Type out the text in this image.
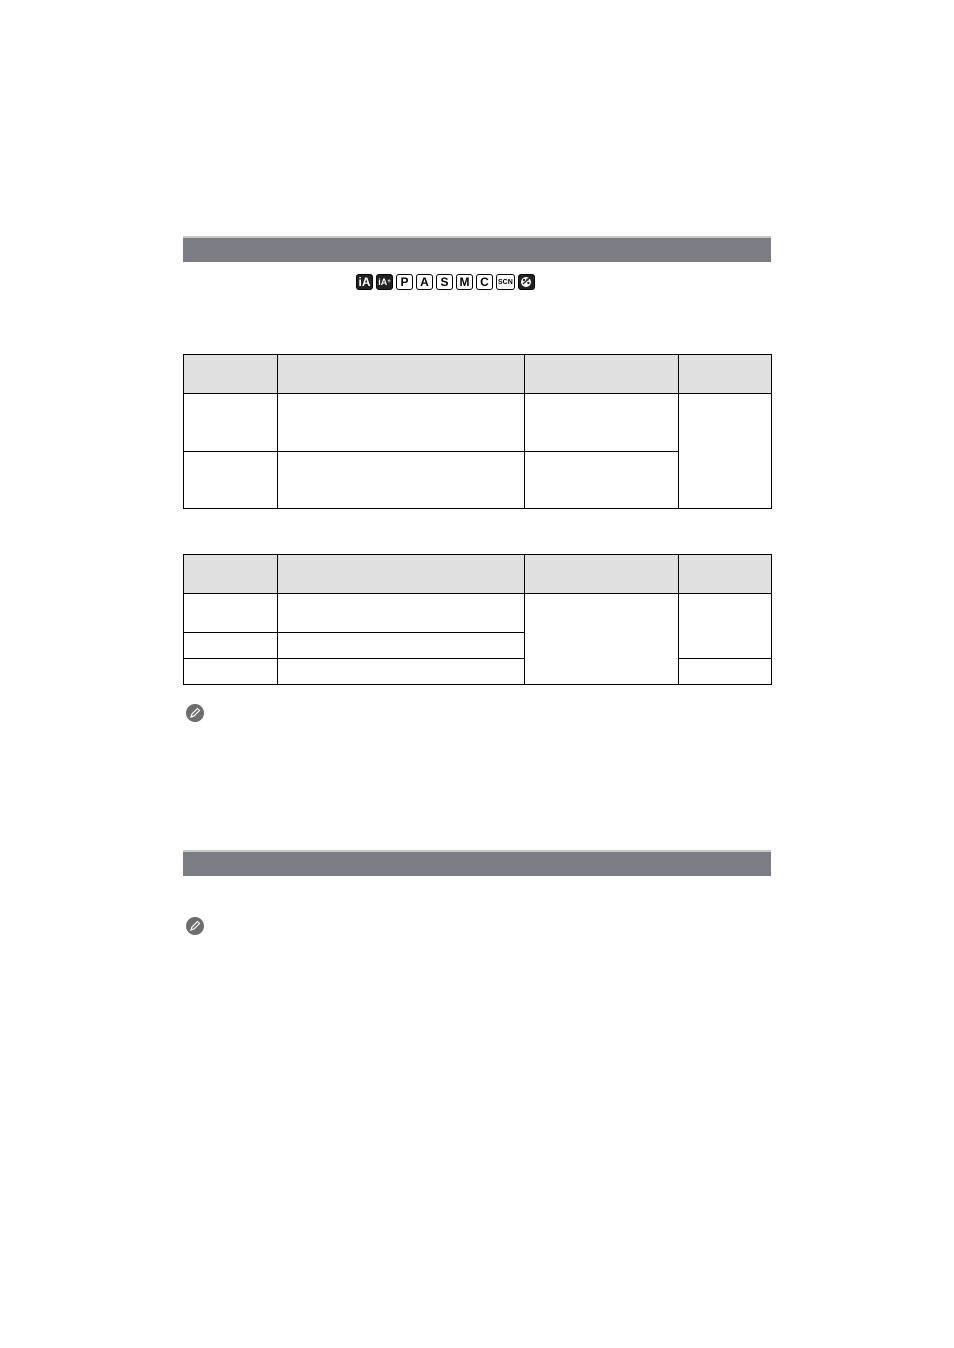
iA iA + P A S M C	SCN
